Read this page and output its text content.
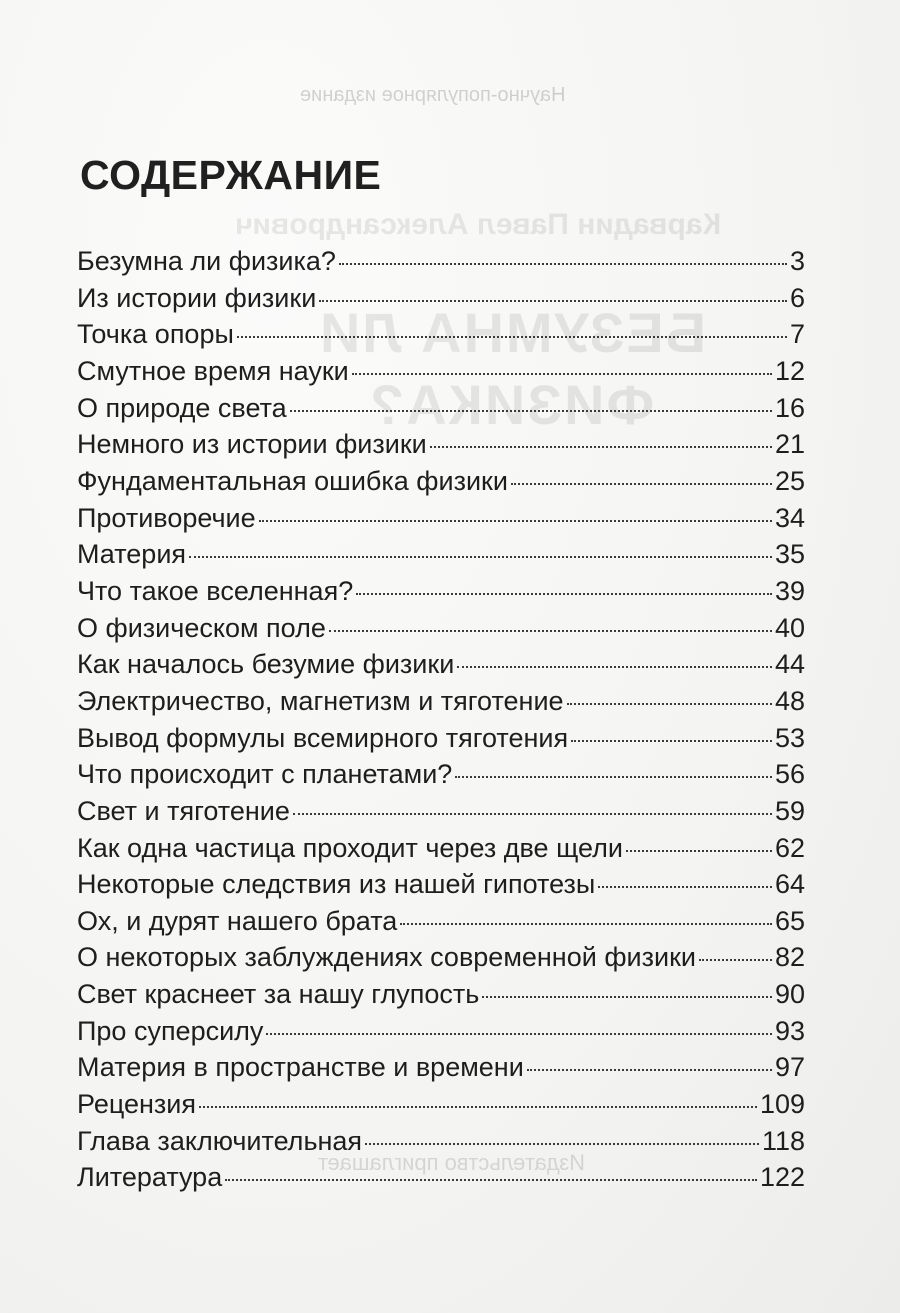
Научно-популярное издание
Карвадин Павел Александрович
БЕЗУМНА ЛИ
ФИЗИКА?
Издательство приглашает
СОДЕРЖАНИЕ
Безумна ли физика?	3
Из истории физики	6
Точка опоры	7
Смутное время науки	12
О природе света	16
Немного из истории физики	21
Фундаментальная ошибка физики	25
Противоречие	34
Материя	35
Что такое вселенная?	39
О физическом поле	40
Как началось безумие физики	44
Электричество, магнетизм и тяготение	48
Вывод формулы всемирного тяготения	53
Что происходит с планетами?	56
Свет и тяготение	59
Как одна частица проходит через две щели	62
Некоторые следствия из нашей гипотезы	64
Ох, и дурят нашего брата	65
О некоторых заблуждениях современной физики	82
Свет краснеет за нашу глупость	90
Про суперсилу	93
Материя в пространстве и времени	97
Рецензия	109
Глава заключительная	118
Литература	122
